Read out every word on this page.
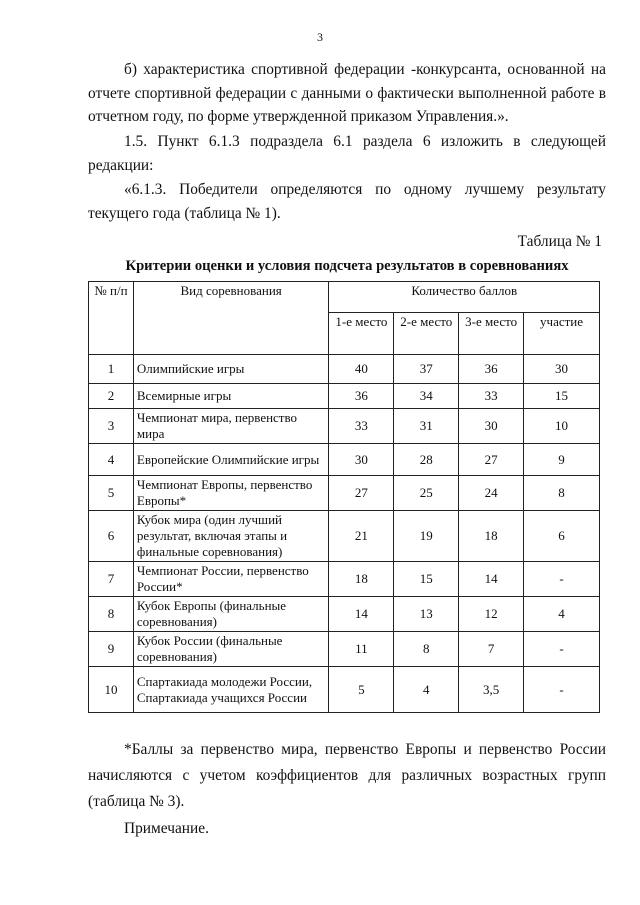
3

б) характеристика спортивной федерации -конкурсанта, основанной на отчете спортивной федерации с данными о фактически выполненной работе в отчетном году, по форме утвержденной приказом Управления.».

1.5. Пункт 6.1.3 подраздела 6.1 раздела 6 изложить в следующей редакции:

«6.1.3. Победители определяются по одному лучшему результату текущего года (таблица № 1).

Таблица № 1
Критерии оценки и условия подсчета результатов в соревнованиях
№ п/п	Вид соревнования	Количество баллов			
		1-е место	2-е место	3-е место	участие
1	Олимпийские игры	40	37	36	30
2	Всемирные игры	36	34	33	15
3	Чемпионат мира, первенство мира	33	31	30	10
4	Европейские Олимпийские игры	30	28	27	9
5	Чемпионат Европы, первенство Европы*	27	25	24	8
6	Кубок мира (один лучший результат, включая этапы и финальные соревнования)	21	19	18	6
7	Чемпионат России, первенство России*	18	15	14	-
8	Кубок Европы (финальные соревнования)	14	13	12	4
9	Кубок России (финальные соревнования)	11	8	7	-
10	Спартакиада молодежи России, Спартакиада учащихся России	5	4	3,5	-

*Баллы за первенство мира, первенство Европы и первенство России начисляются с учетом коэффициентов для различных возрастных групп (таблица № 3).

Примечание.
